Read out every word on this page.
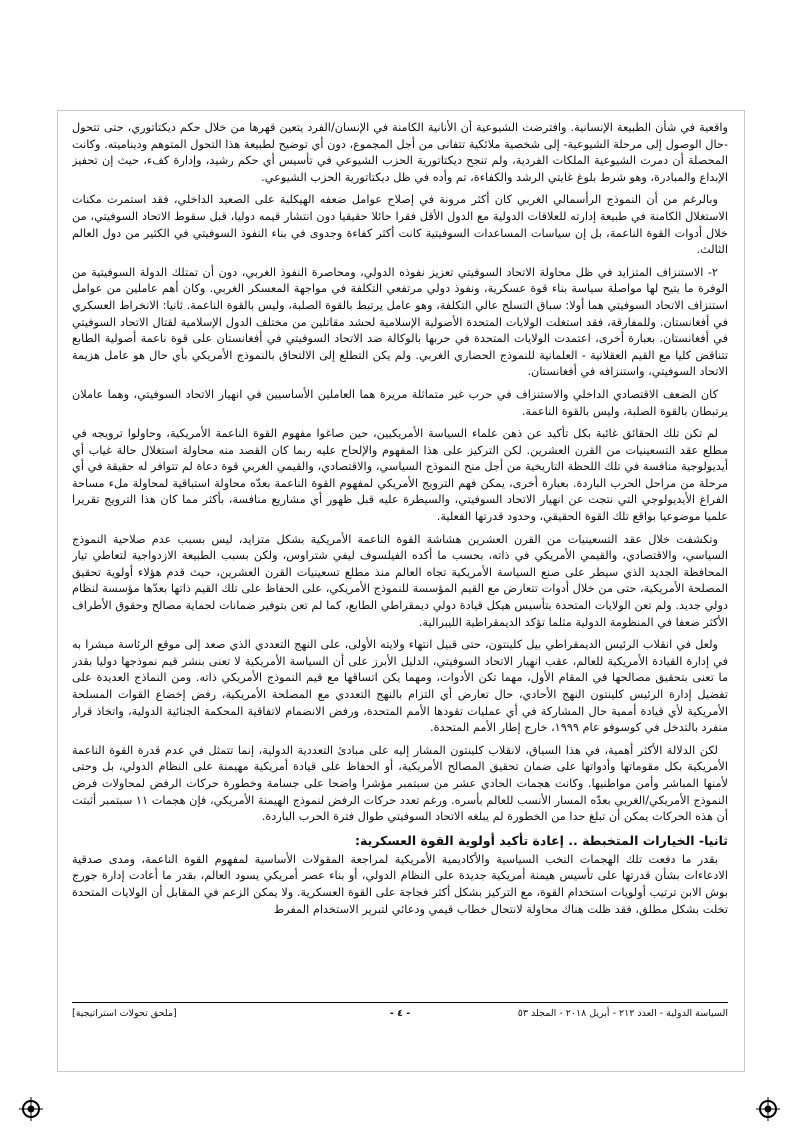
واقعية في شأن الطبيعة الإنسانية. وافترضت الشيوعية أن الأنانية الكامنة في الإنسان/الفرد يتعين قهرها من خلال حكم ديكتاتوري، حتى تتحول -حال الوصول إلى مرحلة الشيوعية- إلى شخصية ملائكية تتفانى من أجل المجموع، دون أي توضيح لطبيعة هذا التحول المتوهم وديناميته. وكانت المحصلة أن دمرت الشيوعية الملكات الفردية، ولم تنجح ديكتاتورية الحزب الشيوعي في تأسيس أي حكم رشيد، وإدارة كفء، حيث إن تحفيز الإبداع والمبادرة، وهو شرط بلوغ غايتي الرشد والكفاءة، تم وأده في ظل ديكتاتورية الحزب الشيوعي.

وبالرغم من أن النموذج الرأسمالي الغربي كان أكثر مرونة في إصلاح عوامل ضعفه الهيكلية على الصعيد الداخلي، فقد استمرت مكنات الاستغلال الكامنة في طبيعة إدارته للعلاقات الدولية مع الدول الأقل فقرا حائلا حقيقيا دون انتشار قيمه دوليا، قبل سقوط الاتحاد السوفيتي، من خلال أدوات القوة الناعمة، بل إن سياسات المساعدات السوفيتية كانت أكثر كفاءة وجدوى في بناء النفوذ السوفيتي في الكثير من دول العالم الثالث.

٢- الاستنزاف المتزايد في ظل محاولة الاتحاد السوفيتي تعزيز نفوذه الدولي، ومحاصرة النفوذ الغربي، دون أن تمتلك الدولة السوفيتية من الوفرة ما يتيح لها مواصلة سياسة بناء قوة عسكرية، ونفوذ دولي مرتفعي التكلفة في مواجهة المعسكر الغربي. وكان أهم عاملين من عوامل استنزاف الاتحاد السوفيتي هما أولا: سباق التسلح عالي التكلفة، وهو عامل يرتبط بالقوة الصلبة، وليس بالقوة الناعمة. ثانيا: الانخراط العسكري في أفغانستان. وللمفارقة، فقد استغلت الولايات المتحدة الأصولية الإسلامية لحشد مقاتلين من مختلف الدول الإسلامية لقتال الاتحاد السوفيتي في أفغانستان. بعبارة أخرى، اعتمدت الولايات المتحدة في حربها بالوكالة ضد الاتحاد السوفيتي في أفغانستان على قوة ناعمة أصولية الطابع تتناقض كليا مع القيم العقلانية - العلمانية للنموذج الحضاري الغربي. ولم يكن التطلع إلى الالتحاق بالنموذج الأمريكي بأي حال هو عامل هزيمة الاتحاد السوفيتي، واستنزافه في أفغانستان.

كان الضعف الاقتصادي الداخلي والاستنزاف في حرب غير متماثلة مريرة هما العاملين الأساسيين في انهيار الاتحاد السوفيتي، وهما عاملان يرتبطان بالقوة الصلبة، وليس بالقوة الناعمة.

لم تكن تلك الحقائق غائبة بكل تأكيد عن ذهن علماء السياسة الأمريكيين، حين صاغوا مفهوم القوة الناعمة الأمريكية، وحاولوا ترويجه في مطلع عقد التسعينيات من القرن العشرين. لكن التركيز على هذا المفهوم والإلحاح عليه ربما كان القصد منه محاولة استغلال حالة غياب أي أيديولوجية منافسة في تلك اللحظة التاريخية من أجل منح النموذج السياسي، والاقتصادي، والقيمي الغربي قوة دعاة لم تتوافر له حقيقة في أي مرحلة من مراحل الحرب الباردة. بعبارة أخرى، يمكن فهم الترويج الأمريكي لمفهوم القوة الناعمة بعدّه محاولة استباقية لمحاولة ملء مساحة الفراغ الأيديولوجي التي نتجت عن انهيار الاتحاد السوفيتي، والسيطرة عليه قبل ظهور أي مشاريع منافسة، بأكثر مما كان هذا الترويج تقريرا علميا موضوعيا بواقع تلك القوة الحقيقي، وحدود قدرتها الفعلية.

وتكشفت خلال عقد التسعينيات من القرن العشرين هشاشة القوة الناعمة الأمريكية بشكل متزايد، ليس بسبب عدم صلاحية النموذج السياسي، والاقتصادي، والقيمي الأمريكي في ذاته، بحسب ما أكده الفيلسوف ليفي شتراوس، ولكن بسبب الطبيعة الازدواجية لتعاطي تيار المحافظة الجديد الذي سيطر على صنع السياسة الأمريكية تجاه العالم منذ مطلع تسعينيات القرن العشرين، حيث قدم هؤلاء أولوية تحقيق المصلحة الأمريكية، حتى من خلال أدوات تتعارض مع القيم المؤسسة للنموذج الأمريكي، على الحفاظ على تلك القيم ذاتها بعدّها مؤسسة لنظام دولي جديد. ولم تعن الولايات المتحدة بتأسيس هيكل قيادة دولي ديمقراطي الطابع، كما لم تعن بتوفير ضمانات لحماية مصالح وحقوق الأطراف الأكثر ضعفا في المنظومة الدولية مثلما تؤكد الديمقراطية الليبرالية.

ولعل في انقلاب الرئيس الديمقراطي بيل كلينتون، حتى قبيل انتهاء ولايته الأولى، على النهج التعددي الذي صعد إلى موقع الرئاسة مبشرا به في إدارة القيادة الأمريكية للعالم، عقب انهيار الاتحاد السوفيتي، الدليل الأبرز على أن السياسة الأمريكية لا تعنى بنشر قيم نموذجها دوليا بقدر ما تعنى بتحقيق مصالحها في المقام الأول، مهما تكن الأدوات، ومهما يكن اتساقها مع قيم النموذج الأمريكي ذاته. ومن النماذج العديدة على تفضيل إدارة الرئيس كلينتون النهج الأحادي، حال تعارض أي التزام بالنهج التعددي مع المصلحة الأمريكية، رفض إخضاع القوات المسلحة الأمريكية لأي قيادة أممية حال المشاركة في أي عمليات تقودها الأمم المتحدة، ورفض الانضمام لاتفاقية المحكمة الجنائية الدولية، واتخاذ قرار منفرد بالتدخل في كوسوفو عام ١٩٩٩، خارج إطار الأمم المتحدة.

لكن الدلالة الأكثر أهمية، في هذا السياق، لانقلاب كلينتون المشار إليه على مبادئ التعددية الدولية، إنما تتمثل في عدم قدرة القوة الناعمة الأمريكية بكل مقوماتها وأدواتها على ضمان تحقيق المصالح الأمريكية، أو الحفاظ على قيادة أمريكية مهيمنة على النظام الدولي، بل وحتى لأمنها المباشر وأمن مواطنيها. وكانت هجمات الحادي عشر من سبتمبر مؤشرا واضحا على جسامة وخطورة حركات الرفض لمحاولات فرض النموذج الأمريكي/الغربي بعدّه المسار الأنسب للعالم بأسره. ورغم تعدد حركات الرفض لنموذج الهيمنة الأمريكي، فإن هجمات ١١ سبتمبر أثبتت أن هذه الحركات يمكن أن تبلغ حدا من الخطورة لم يبلغه الاتحاد السوفيتي طوال فترة الحرب الباردة.

ثانيا- الخيارات المتخبطة .. إعادة تأكيد أولوية القوة العسكرية:

بقدر ما دفعت تلك الهجمات النخب السياسية والأكاديمية الأمريكية لمراجعة المقولات الأساسية لمفهوم القوة الناعمة، ومدى صدقية الادعاءات بشأن قدرتها على تأسيس هيمنة أمريكية جديدة على النظام الدولي، أو بناء عصر أمريكي يسود العالم، بقدر ما أعادت إدارة جورج بوش الابن ترتيب أولويات استخدام القوة، مع التركيز بشكل أكثر فجاجة على القوة العسكرية. ولا يمكن الزعم في المقابل أن الولايات المتحدة تخلت بشكل مطلق، فقد ظلت هناك محاولة لانتحال خطاب قيمي ودعائي لتبرير الاستخدام المفرط

السياسة الدولية - العدد ٢١٢ - أبريل ٢٠١٨ - المجلد ٥٣
- ٤ -
[ملحق تحولات استراتيجية]
